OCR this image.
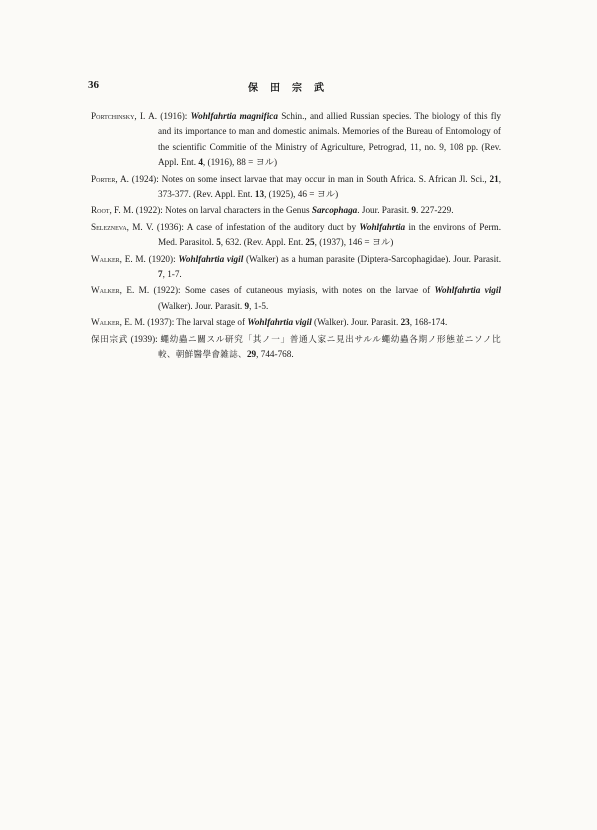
36	保田宗武
Portchinsky, I. A. (1916): Wohlfahrtia magnifica Schin., and allied Russian species. The biology of this fly and its importance to man and domestic animals. Memories of the Bureau of Entomology of the scientific Commitie of the Ministry of Agriculture, Petrograd, 11, no. 9, 108 pp. (Rev. Appl. Ent. 4, (1916), 88 = ヨル)
Porter, A. (1924): Notes on some insect larvae that may occur in man in South Africa. S. African Jl. Sci., 21, 373-377. (Rev. Appl. Ent. 13, (1925), 46 = ヨル)
Root, F. M. (1922): Notes on larval characters in the Genus Sarcophaga. Jour. Parasit. 9. 227-229.
Selezneva, M. V. (1936): A case of infestation of the auditory duct by Wohlfahrtia in the environs of Perm. Med. Parasitol. 5, 632. (Rev. Appl. Ent. 25, (1937), 146 = ヨル)
Walker, E. M. (1920): Wohlfahrtia vigil (Walker) as a human parasite (Diptera-Sarcophagidae). Jour. Parasit. 7, 1-7.
Walker, E. M. (1922): Some cases of cutaneous myiasis, with notes on the larvae of Wohlfahrtia vigil (Walker). Jour. Parasit. 9, 1-5.
Walker, E. M. (1937): The larval stage of Wohlfahrtia vigil (Walker). Jour. Parasit. 23, 168-174.
保田宗武 (1939): 蠅幼蟲ニ關スル研究「其ノ一」普通人家ニ見出サルル蠅幼蟲各期ノ形態並ニソノ比較、朝鮮醫學會雑誌、29, 744-768.
